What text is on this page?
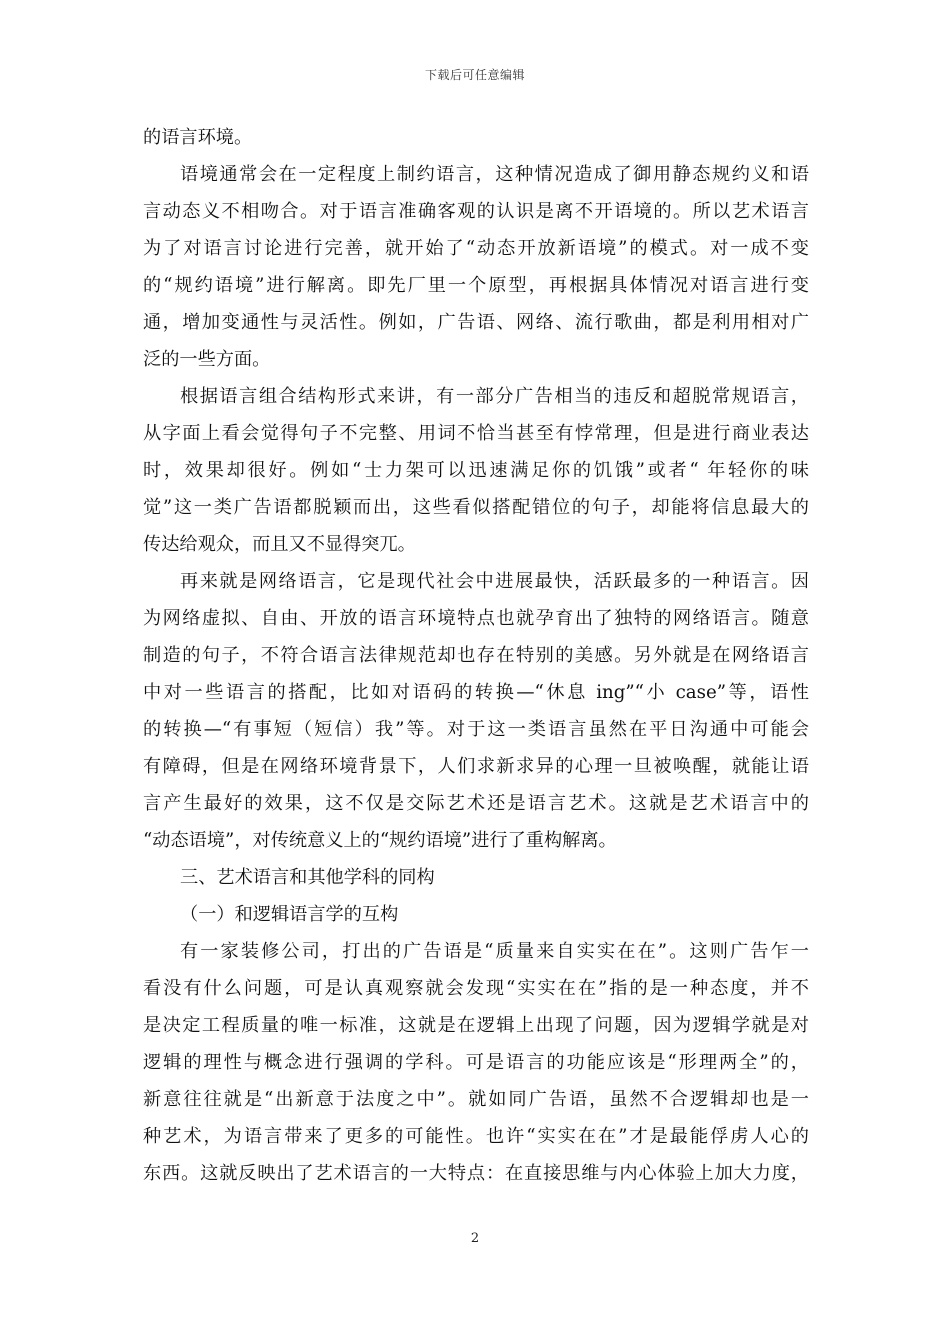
下载后可任意编辑
的语言环境。
语境通常会在一定程度上制约语言，这种情况造成了御用静态规约义和语
言动态义不相吻合。对于语言准确客观的认识是离不开语境的。所以艺术语言
为了对语言讨论进行完善，就开始了“动态开放新语境”的模式。对一成不变
的“规约语境”进行解离。即先厂里一个原型，再根据具体情况对语言进行变
通，增加变通性与灵活性。例如，广告语、网络、流行歌曲，都是利用相对广
泛的一些方面。
根据语言组合结构形式来讲，有一部分广告相当的违反和超脱常规语言，
从字面上看会觉得句子不完整、用词不恰当甚至有悖常理，但是进行商业表达
时，效果却很好。例如“士力架可以迅速满足你的饥饿”或者“ 年轻你的味
觉”这一类广告语都脱颖而出，这些看似搭配错位的句子，却能将信息最大的
传达给观众，而且又不显得突兀。
再来就是网络语言，它是现代社会中进展最快，活跃最多的一种语言。因
为网络虚拟、自由、开放的语言环境特点也就孕育出了独特的网络语言。随意
制造的句子，不符合语言法律规范却也存在特别的美感。另外就是在网络语言
中对一些语言的搭配，比如对语码的转换—“休息 ing”“小 case”等，语性
的转换—“有事短（短信）我”等。对于这一类语言虽然在平日沟通中可能会
有障碍，但是在网络环境背景下，人们求新求异的心理一旦被唤醒，就能让语
言产生最好的效果，这不仅是交际艺术还是语言艺术。这就是艺术语言中的
“动态语境”，对传统意义上的“规约语境”进行了重构解离。
三、艺术语言和其他学科的同构
（一）和逻辑语言学的互构
有一家装修公司，打出的广告语是“质量来自实实在在”。这则广告乍一
看没有什么问题，可是认真观察就会发现“实实在在”指的是一种态度，并不
是决定工程质量的唯一标准，这就是在逻辑上出现了问题，因为逻辑学就是对
逻辑的理性与概念进行强调的学科。可是语言的功能应该是“形理两全”的，
新意往往就是“出新意于法度之中”。就如同广告语，虽然不合逻辑却也是一
种艺术，为语言带来了更多的可能性。也许“实实在在”才是最能俘虏人心的
东西。这就反映出了艺术语言的一大特点：在直接思维与内心体验上加大力度，
2
